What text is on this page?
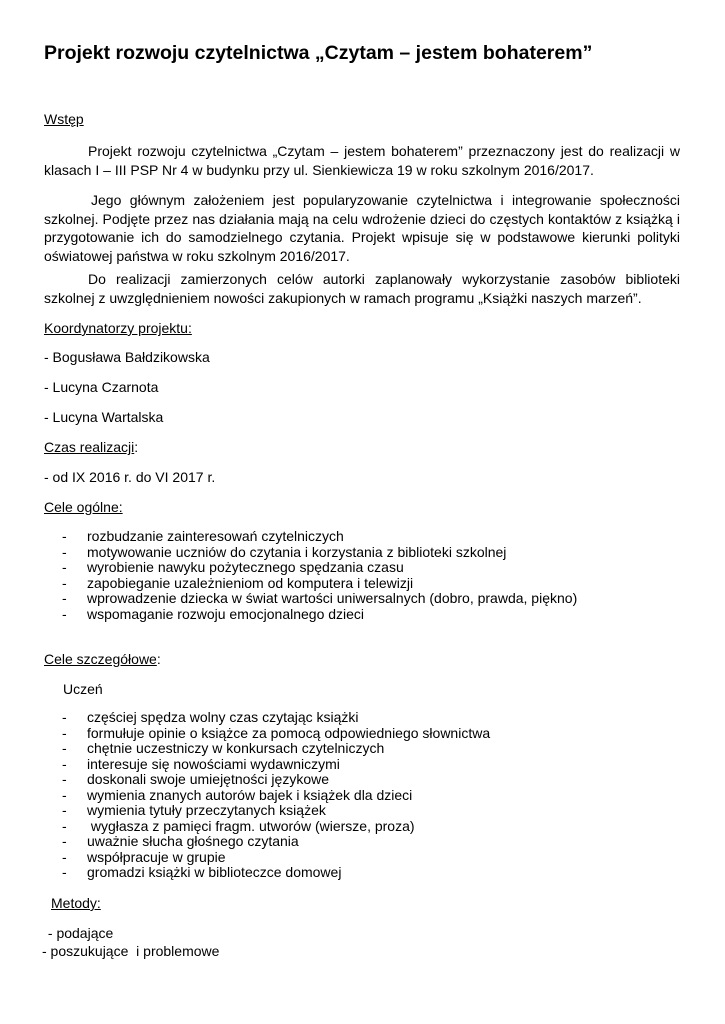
Projekt rozwoju czytelnictwa „Czytam – jestem bohaterem”
Wstęp
Projekt rozwoju czytelnictwa „Czytam – jestem bohaterem” przeznaczony jest do realizacji w klasach I – III PSP Nr 4 w budynku przy ul. Sienkiewicza 19 w roku szkolnym 2016/2017.
Jego głównym założeniem jest popularyzowanie czytelnictwa i integrowanie społeczności szkolnej. Podjęte przez nas działania mają na celu wdrożenie dzieci do częstych kontaktów z książką i przygotowanie ich do samodzielnego czytania. Projekt wpisuje się w podstawowe kierunki polityki oświatowej państwa w roku szkolnym 2016/2017.
Do realizacji zamierzonych celów autorki zaplanowały wykorzystanie zasobów biblioteki szkolnej z uwzględnieniem nowości zakupionych w ramach programu „Książki naszych marzeń”.
Koordynatorzy projektu:
- Bogusława Bałdzikowska
- Lucyna Czarnota
- Lucyna Wartalska
Czas realizacji:
- od IX 2016 r. do VI 2017 r.
Cele ogólne:
- rozbudzanie zainteresowań czytelniczych
- motywowanie uczniów do czytania i korzystania z biblioteki szkolnej
- wyrobienie nawyku pożytecznego spędzania czasu
- zapobieganie uzależnieniom od komputera i telewizji
- wprowadzenie dziecka w świat wartości uniwersalnych (dobro, prawda, piękno)
- wspomaganie rozwoju emocjonalnego dzieci
Cele szczegółowe:
Uczeń
- częściej spędza wolny czas czytając książki
- formułuje opinie o książce za pomocą odpowiedniego słownictwa
- chętnie uczestniczy w konkursach czytelniczych
- interesuje się nowościami wydawniczymi
- doskonali swoje umiejętności językowe
- wymienia znanych autorów bajek i książek dla dzieci
- wymienia tytuły przeczytanych książek
- wygłasza z pamięci fragm. utworów (wiersze, proza)
- uważnie słucha głośnego czytania
- współpracuje w grupie
- gromadzi książki w biblioteczce domowej
Metody:
- podające
- poszukujące  i problemowe
